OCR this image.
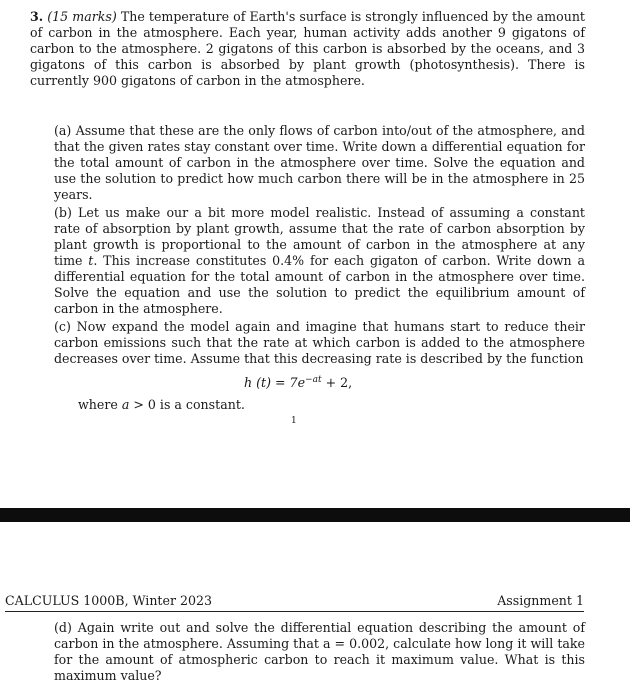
3. (15 marks) The temperature of Earth's surface is strongly influenced by the amount of carbon in the atmosphere. Each year, human activity adds another 9 gigatons of carbon to the atmosphere. 2 gigatons of this carbon is absorbed by the oceans, and 3 gigatons of this carbon is absorbed by plant growth (photosynthesis). There is currently 900 gigatons of carbon in the atmosphere.

(a) Assume that these are the only flows of carbon into/out of the atmosphere, and that the given rates stay constant over time. Write down a differential equation for the total amount of carbon in the atmosphere over time. Solve the equation and use the solution to predict how much carbon there will be in the atmosphere in 25 years.

(b) Let us make our a bit more model realistic. Instead of assuming a constant rate of absorption by plant growth, assume that the rate of carbon absorption by plant growth is proportional to the amount of carbon in the atmosphere at any time t. This increase constitutes 0.4% for each gigaton of carbon. Write down a differential equation for the total amount of carbon in the atmosphere over time. Solve the equation and use the solution to predict the equilibrium amount of carbon in the atmosphere.

(c) Now expand the model again and imagine that humans start to reduce their carbon emissions such that the rate at which carbon is added to the atmosphere decreases over time. Assume that this decreasing rate is described by the function

h $(t) = 7e^{-at} + 2$,
where a > 0 is a constant.
1
CALCULUS 1000B, Winter 2023	Assignment 1

(d) Again write out and solve the differential equation describing the amount of carbon in the atmosphere. Assuming that a = 0.002, calculate how long it will take for the amount of atmospheric carbon to reach it maximum value. What is this maximum value?
